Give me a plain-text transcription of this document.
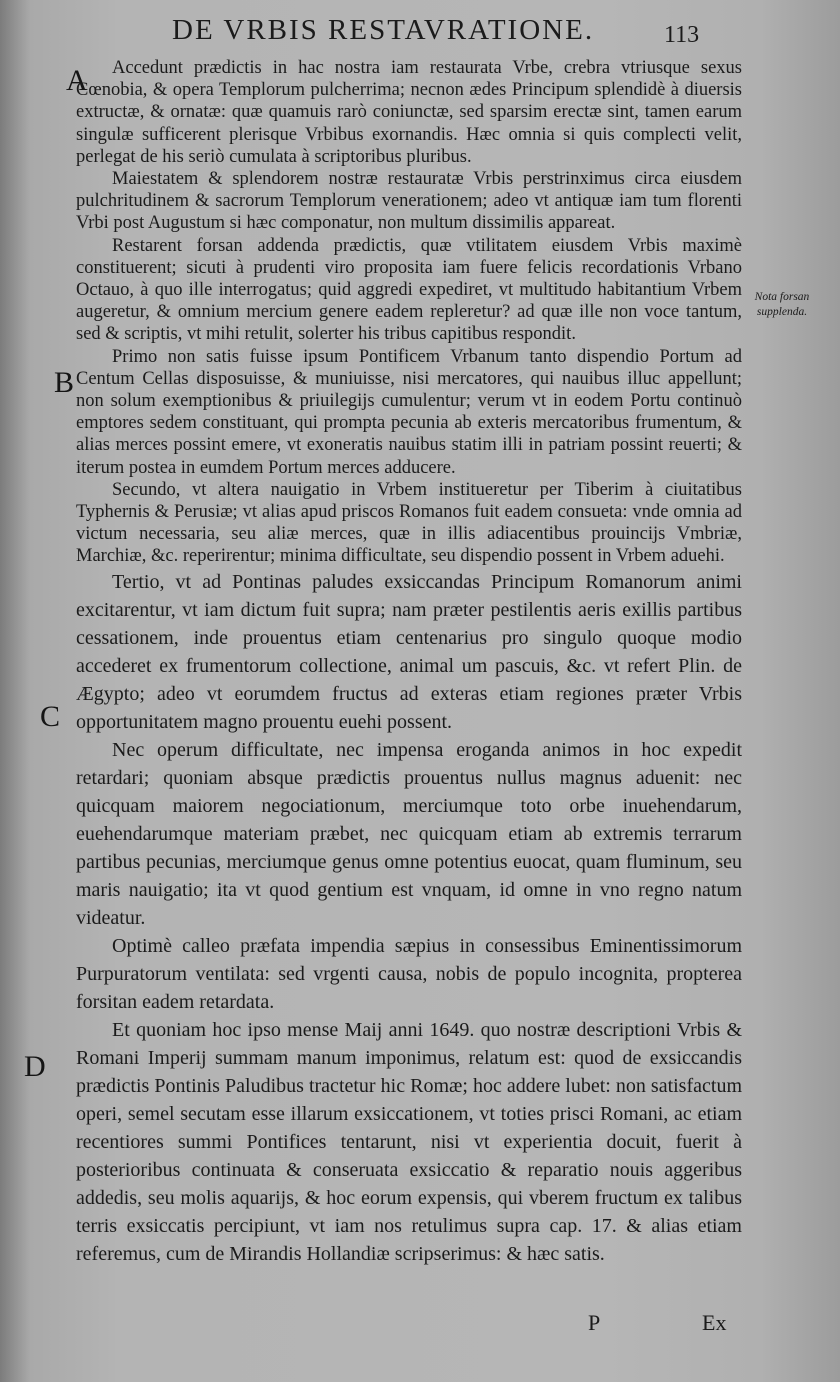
DE VRBIS RESTAVRATIONE.	113
A
B
C
D
Nota forsan supplenda.

Accedunt prædictis in hac nostra iam restaurata Vrbe, crebra vtriusque sexus Cœnobia, & opera Templorum pulcherrima; necnon ædes Principum splendidè à diuersis extructæ, & ornatæ: quæ quamuis rarò coniunctæ, sed sparsim erectæ sint, tamen earum singulæ sufficerent plerisque Vrbibus exornandis. Hæc omnia si quis complecti velit, perlegat de his seriò cumulata à scriptoribus pluribus.

Maiestatem & splendorem nostræ restauratæ Vrbis perstrinximus circa eiusdem pulchritudinem & sacrorum Templorum venerationem; adeo vt antiquæ iam tum florenti Vrbi post Augustum si hæc componatur, non multum dissimilis appareat.

Restarent forsan addenda prædictis, quæ vtilitatem eiusdem Vrbis maximè constituerent; sicuti à prudenti viro proposita iam fuere felicis recordationis Vrbano Octauo, à quo ille interrogatus; quid aggredi expediret, vt multitudo habitantium Vrbem augeretur, & omnium mercium genere eadem repleretur? ad quæ ille non voce tantum, sed & scriptis, vt mihi retulit, solerter his tribus capitibus respondit.

Primo non satis fuisse ipsum Pontificem Vrbanum tanto dispendio Portum ad Centum Cellas disposuisse, & muniuisse, nisi mercatores, qui nauibus illuc appellunt; non solum exemptionibus & priuilegijs cumulentur; verum vt in eodem Portu continuò emptores sedem constituant, qui prompta pecunia ab exteris mercatoribus frumentum, & alias merces possint emere, vt exoneratis nauibus statim illi in patriam possint reuerti; & iterum postea in eumdem Portum merces adducere.

Secundo, vt altera nauigatio in Vrbem institueretur per Tiberim à ciuitatibus Typhernis & Perusiæ; vt alias apud priscos Romanos fuit eadem consueta: vnde omnia ad victum necessaria, seu aliæ merces, quæ in illis adiacentibus prouincijs Vmbriæ, Marchiæ, &c. reperirentur; minima difficultate, seu dispendio possent in Vrbem aduehi.

Tertio, vt ad Pontinas paludes exsiccandas Principum Romanorum animi excitarentur, vt iam dictum fuit supra; nam præter pestilentis aeris exillis partibus cessationem, inde prouentus etiam centenarius pro singulo quoque modio accederet ex frumentorum collectione, animal um pascuis, &c. vt refert Plin. de Ægypto; adeo vt eorumdem fructus ad exteras etiam regiones præter Vrbis opportunitatem magno prouentu euehi possent.

Nec operum difficultate, nec impensa eroganda animos in hoc expedit retardari; quoniam absque prædictis prouentus nullus magnus aduenit: nec quicquam maiorem negociationum, merciumque toto orbe inuehendarum, euehendarumque materiam præbet, nec quicquam etiam ab extremis terrarum partibus pecunias, merciumque genus omne potentius euocat, quam fluminum, seu maris nauigatio; ita vt quod gentium est vnquam, id omne in vno regno natum videatur.

Optimè calleo præfata impendia sæpius in consessibus Eminentissimorum Purpuratorum ventilata: sed vrgenti causa, nobis de populo incognita, propterea forsitan eadem retardata.

Et quoniam hoc ipso mense Maij anni 1649. quo nostræ descriptioni Vrbis & Romani Imperij summam manum imponimus, relatum est: quod de exsiccandis prædictis Pontinis Paludibus tractetur hic Romæ; hoc addere lubet: non satisfactum operi, semel secutam esse illarum exsiccationem, vt toties prisci Romani, ac etiam recentiores summi Pontifices tentarunt, nisi vt experientia docuit, fuerit à posterioribus continuata & conseruata exsiccatio & reparatio nouis aggeribus addedis, seu molis aquarijs, & hoc eorum expensis, qui vberem fructum ex talibus terris exsiccatis percipiunt, vt iam nos retulimus supra cap. 17. & alias etiam referemus, cum de Mirandis Hollandiæ scripserimus: & hæc satis.

P	Ex
